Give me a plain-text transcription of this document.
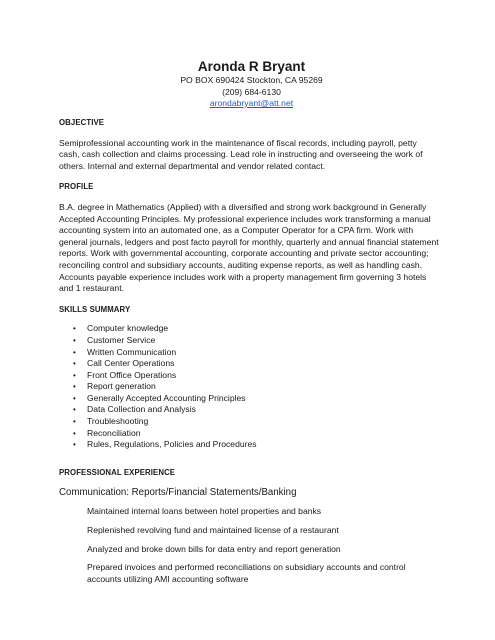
Aronda R Bryant
PO BOX 690424 Stockton, CA 95269
(209) 684-6130
arondabryant@att.net
OBJECTIVE

Semiprofessional accounting work in the maintenance of fiscal records, including payroll, petty cash, cash collection and claims processing. Lead role in instructing and overseeing the work of others. Internal and external departmental and vendor related contact.

PROFILE

B.A. degree in Mathematics (Applied) with a diversified and strong work background in Generally Accepted Accounting Principles. My professional experience includes work transforming a manual accounting system into an automated one, as a Computer Operator for a CPA firm. Work with general journals, ledgers and post facto payroll for monthly, quarterly and annual financial statement reports. Work with governmental accounting, corporate accounting and private sector accounting; reconciling control and subsidiary accounts, auditing expense reports, as well as handling cash. Accounts payable experience includes work with a property management firm governing 3 hotels and 1 restaurant.

SKILLS SUMMARY
• Computer knowledge
• Customer Service
• Written Communication
• Call Center Operations
• Front Office Operations
• Report generation
• Generally Accepted Accounting Principles
• Data Collection and Analysis
• Troubleshooting
• Reconciliation
• Rules, Regulations, Policies and Procedures
PROFESSIONAL EXPERIENCE
Communication: Reports/Financial Statements/Banking
Maintained internal loans between hotel properties and banks
Replenished revolving fund and maintained license of a restaurant
Analyzed and broke down bills for data entry and report generation
Prepared invoices and performed reconciliations on subsidiary accounts and control accounts utilizing AMI accounting software
